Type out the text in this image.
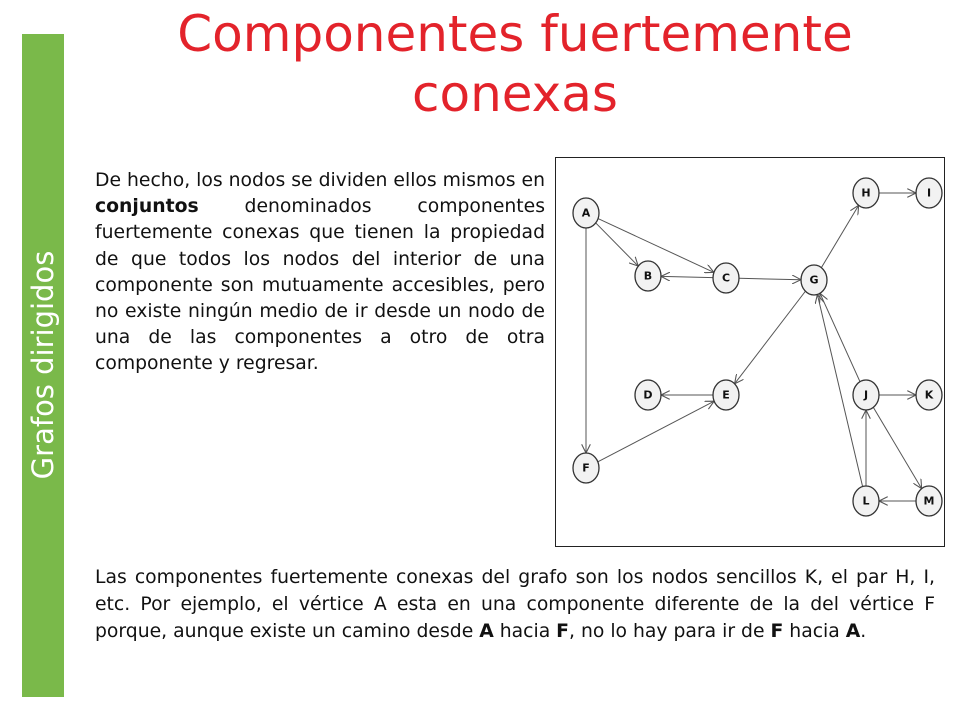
Grafos dirigidos
Componentes fuertemente conexas

De hecho, los nodos se dividen ellos mismos en conjuntos denominados componentes fuertemente conexas que tienen la propiedad de que todos los nodos del interior de una componente son mutuamente accesibles, pero no existe ningún medio de ir desde un nodo de una de las componentes a otro de otra componente y regresar.

A
B	C
D	E
F
G
H	I
J	K
L	M

Las componentes fuertemente conexas del grafo son los nodos sencillos K, el par H, I, etc. Por ejemplo, el vértice A esta en una componente diferente de la del vértice F porque, aunque existe un camino desde A hacia F, no lo hay para ir de F hacia A.
